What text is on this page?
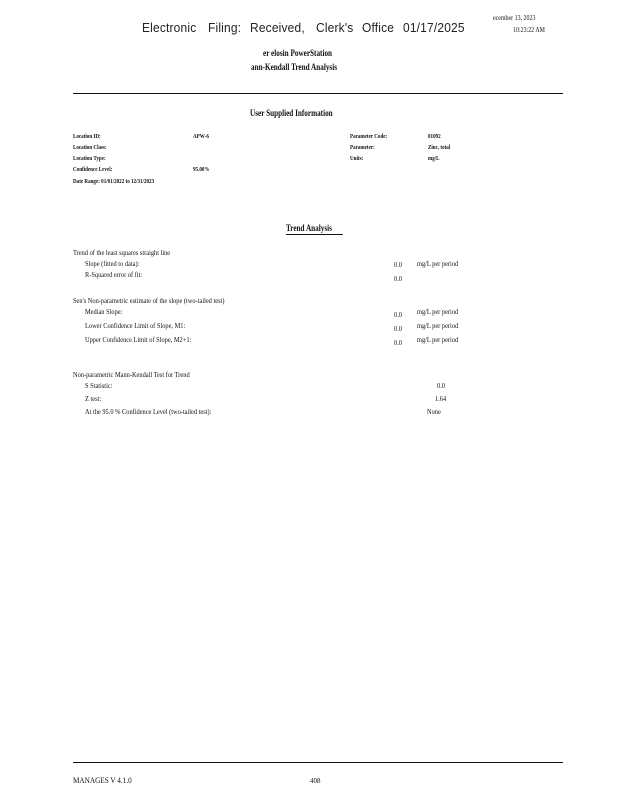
Electronic Filing: Received, Clerk's Office 01/17/2025
ecember 13, 2023
10:23:22 AM
er elosin PowerStation
ann-Kendall Trend Analysis
User Supplied Information
Location ID:	APW-6
Location Class:
Location Type:
Confidence Level:	95.00%
Date Range: 01/01/2022 to 12/31/2023
Parameter Code:	01092
Parameter:	Zinc, total
Units:	mg/L
Trend Analysis
Trend of the least squares straight line
Slope (fitted to data):	0.0 mg/L per period
R-Squared error of fit:	0.0
Sen's Non-parametric estimate of the slope (two-tailed test)
Median Slope:	0.0 mg/L per period
Lower Confidence Limit of Slope, M1:	0.0 mg/L per period
Upper Confidence Limit of Slope, M2+1:	0.0 mg/L per period
Non-parametric Mann-Kendall Test for Trend
S Statistic:	0.0
Z test:	1.64
At the 95.0 % Confidence Level (two-tailed test):	None
MANAGES V 4.1.0	408
